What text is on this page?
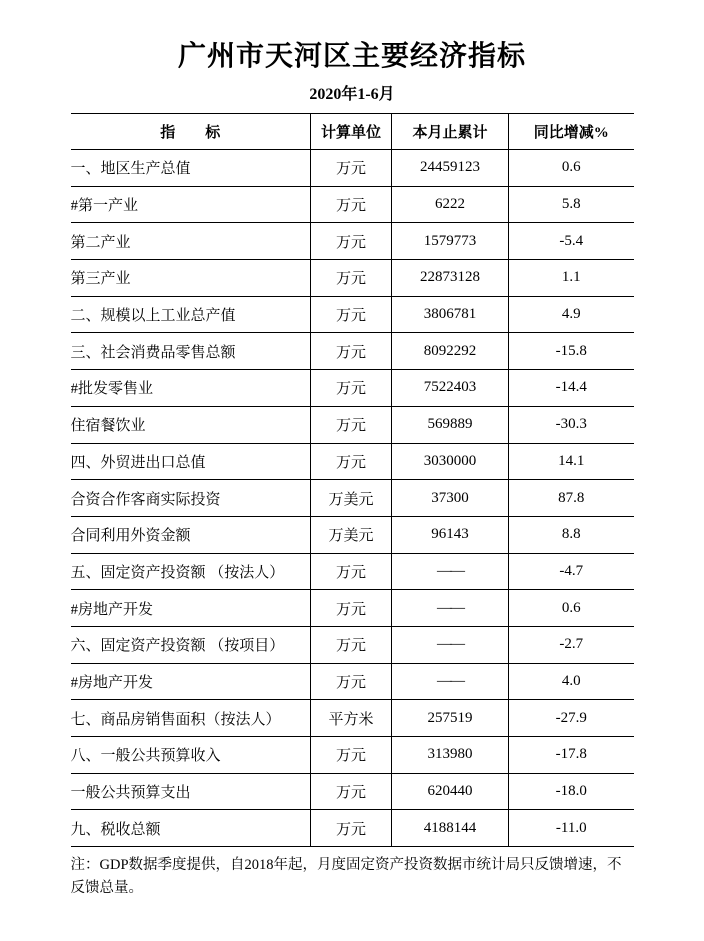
广州市天河区主要经济指标
2020年1-6月
指　　标	计算单位	本月止累计	同比增减%
一、地区生产总值	万元	24459123	0.6
#第一产业	万元	6222	5.8
第二产业	万元	1579773	-5.4
第三产业	万元	22873128	1.1
二、规模以上工业总产值	万元	3806781	4.9
三、社会消费品零售总额	万元	8092292	-15.8
#批发零售业	万元	7522403	-14.4
住宿餐饮业	万元	569889	-30.3
四、外贸进出口总值	万元	3030000	14.1
合资合作客商实际投资	万美元	37300	87.8
合同利用外资金额	万美元	96143	8.8
五、固定资产投资额 （按法人）	万元	——	-4.7
#房地产开发	万元	——	0.6
六、固定资产投资额 （按项目）	万元	——	-2.7
#房地产开发	万元	——	4.0
七、商品房销售面积（按法人）	平方米	257519	-27.9
八、一般公共预算收入	万元	313980	-17.8
一般公共预算支出	万元	620440	-18.0
九、税收总额	万元	4188144	-11.0

注：GDP数据季度提供，自2018年起，月度固定资产投资数据市统计局只反馈增速，不反馈总量。
